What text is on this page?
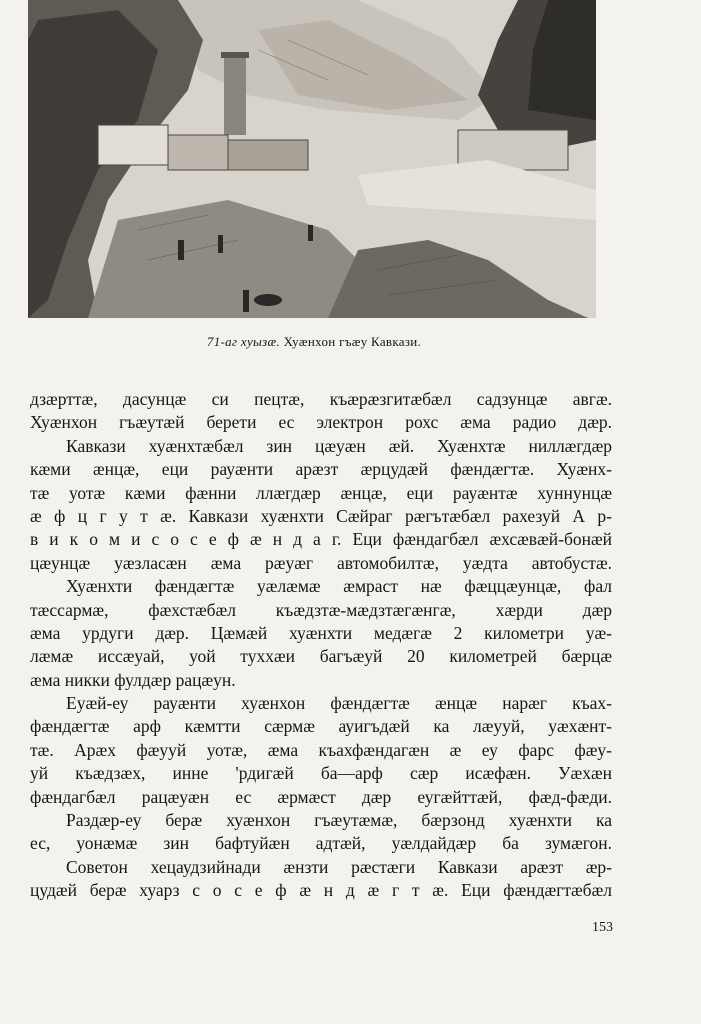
71-аг хуызæ. Хуæнхон гъæу Кавкази.
дзæрттæ, дасунцæ си пецтæ, къæрæзгитæбæл садзунцæ авгæ.
Хуæнхон гъæутæй берети ес электрон рохс æма радио дæр.
Кавкази хуæнхтæбæл зин цæуæн æй. Хуæнхтæ ниллæгдæр
кæми æнцæ, еци рауæнти арæзт æрцудæй фæндæгтæ. Хуæнх-
тæ уотæ кæми фæнни ллæгдæр æнцæ, еци рауæнтæ хуннунцæ
æ ф ц г у т æ. Кавкази хуæнхти Сæйраг рæгътæбæл рахезуй А р-
в и к о м и с о с е ф æ н д а г. Еци фæндагбæл æхсæвæй-бонæй
цæунцæ уæзласæн æма рæуæг автомобилтæ, уæдта автобустæ.
Хуæнхти фæндæгтæ уæлæмæ æмраст нæ фæццæунцæ, фал
тæссармæ, фæхстæбæл къæдзтæ-мæдзтæгæнгæ, хæрди дæр
æма урдуги дæр. Цæмæй хуæнхти медæгæ 2 километри уæ-
лæмæ иссæуай, уой туххæи багъæуй 20 километрей бæрцæ
æма никки фулдæр рацæун.
Еуæй-еу рауæнти хуæнхон фæндæгтæ æнцæ нарæг къах-
фæндæгтæ арф кæмтти сæрмæ ауигъдæй ка лæууй, уæхæнт-
тæ. Арæх фæууй уотæ, æма къахфæндагæн æ еу фарс фæу-
уй къæдзæх, инне 'рдигæй ба—арф сæр исæфæн. Уæхæн
фæндагбæл рацæуæн ес æрмæст дæр еугæйттæй, фæд-фæди.
Раздæр-еу берæ хуæнхон гъæутæмæ, бæрзонд хуæнхти ка
ес, уонæмæ зин бафтуйæн адтæй, уæлдайдæр ба зумæгон.
Советон хецаудзийнади æнзти рæстæги Кавкази арæзт æр-
цудæй берæ хуарз с о с е ф æ н д æ г т æ. Еци фæндæгтæбæл
153
